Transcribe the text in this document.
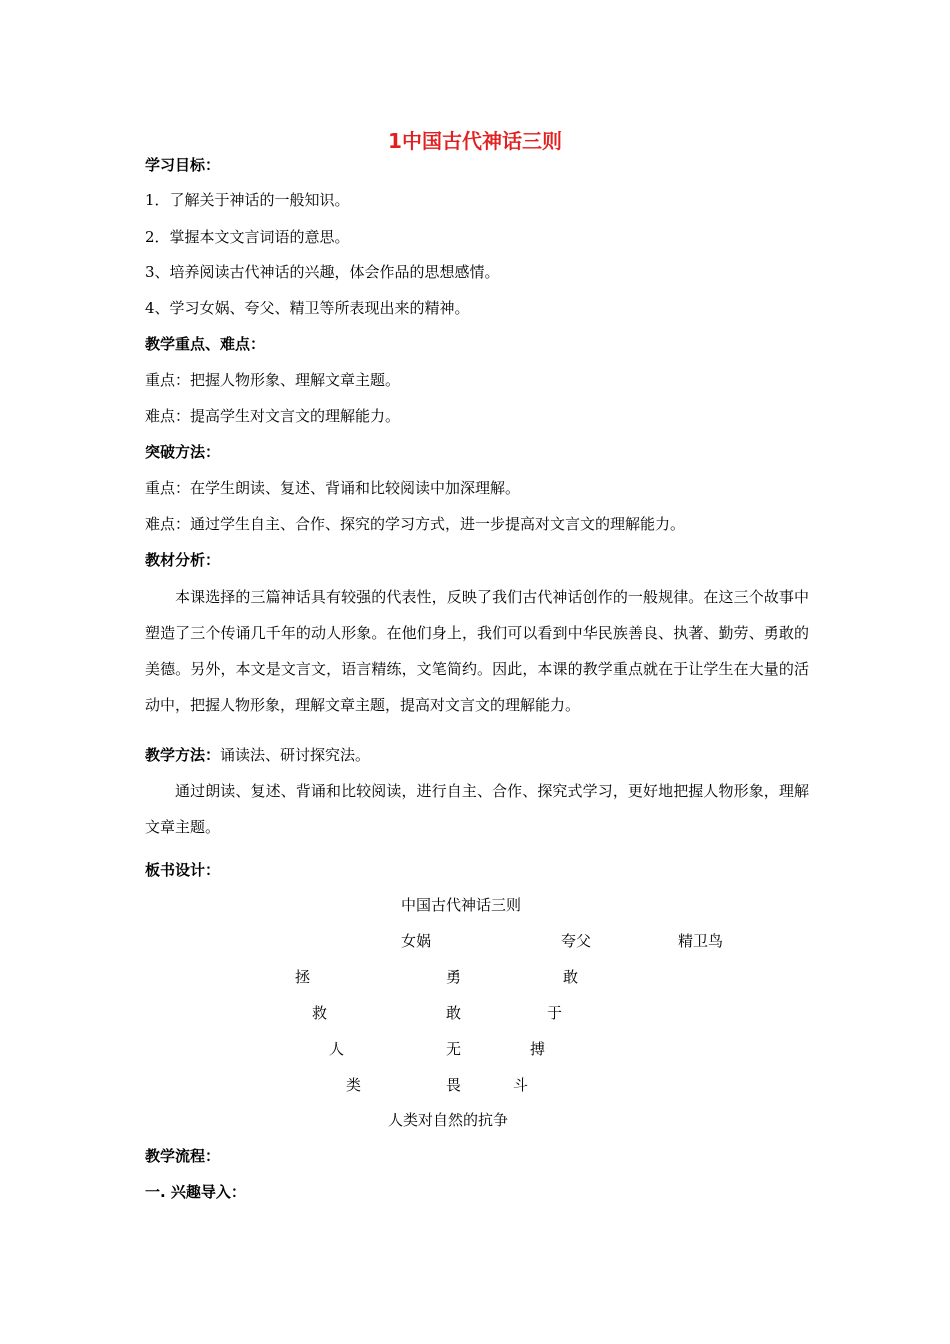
1中国古代神话三则
学习目标：
1．了解关于神话的一般知识。
2．掌握本文文言词语的意思。
3、培养阅读古代神话的兴趣，体会作品的思想感情。
4、学习女娲、夸父、精卫等所表现出来的精神。
教学重点、难点：
重点：把握人物形象、理解文章主题。
难点：提高学生对文言文的理解能力。
突破方法：
重点：在学生朗读、复述、背诵和比较阅读中加深理解。
难点：通过学生自主、合作、探究的学习方式，进一步提高对文言文的理解能力。
教材分析：
本课选择的三篇神话具有较强的代表性，反映了我们古代神话创作的一般规律。在这三个故事中塑造了三个传诵几千年的动人形象。在他们身上，我们可以看到中华民族善良、执著、勤劳、勇敢的美德。另外，本文是文言文，语言精练，文笔简约。因此，本课的教学重点就在于让学生在大量的活动中，把握人物形象，理解文章主题，提高对文言文的理解能力。
教学方法：诵读法、研讨探究法。
通过朗读、复述、背诵和比较阅读，进行自主、合作、探究式学习，更好地把握人物形象，理解文章主题。
板书设计：
中国古代神话三则
女娲	夸父	精卫鸟
拯
救
人
类
勇
敢
无
畏
敢
于
搏
斗
人类对自然的抗争
教学流程：
一. 兴趣导入：
